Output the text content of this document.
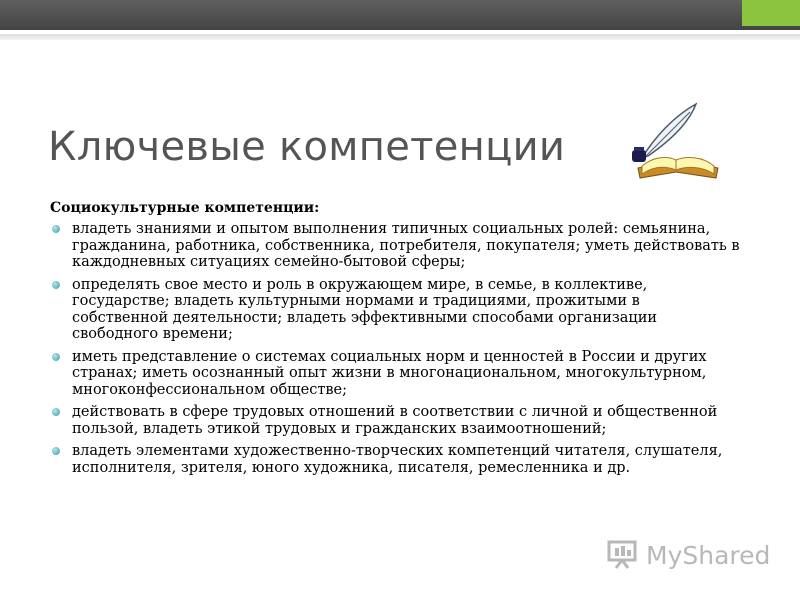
Ключевые компетенции
Социокультурные компетенции:
владеть знаниями и опытом выполнения типичных социальных ролей: семьянина, гражданина, работника, собственника, потребителя, покупателя; уметь действовать в каждодневных ситуациях семейно-бытовой сферы;
определять свое место и роль в окружающем мире, в семье, в коллективе, государстве; владеть культурными нормами и традициями, прожитыми в собственной деятельности; владеть эффективными способами организации свободного времени;
иметь представление о системах социальных норм и ценностей в России и других странах; иметь осознанный опыт жизни в многонациональном, многокультурном, многоконфессиональном обществе;
действовать в сфере трудовых отношений в соответствии с личной и общественной пользой, владеть этикой трудовых и гражданских взаимоотношений;
владеть элементами художественно-творческих компетенций читателя, слушателя, исполнителя, зрителя, юного художника, писателя, ремесленника и др.
MyShared
